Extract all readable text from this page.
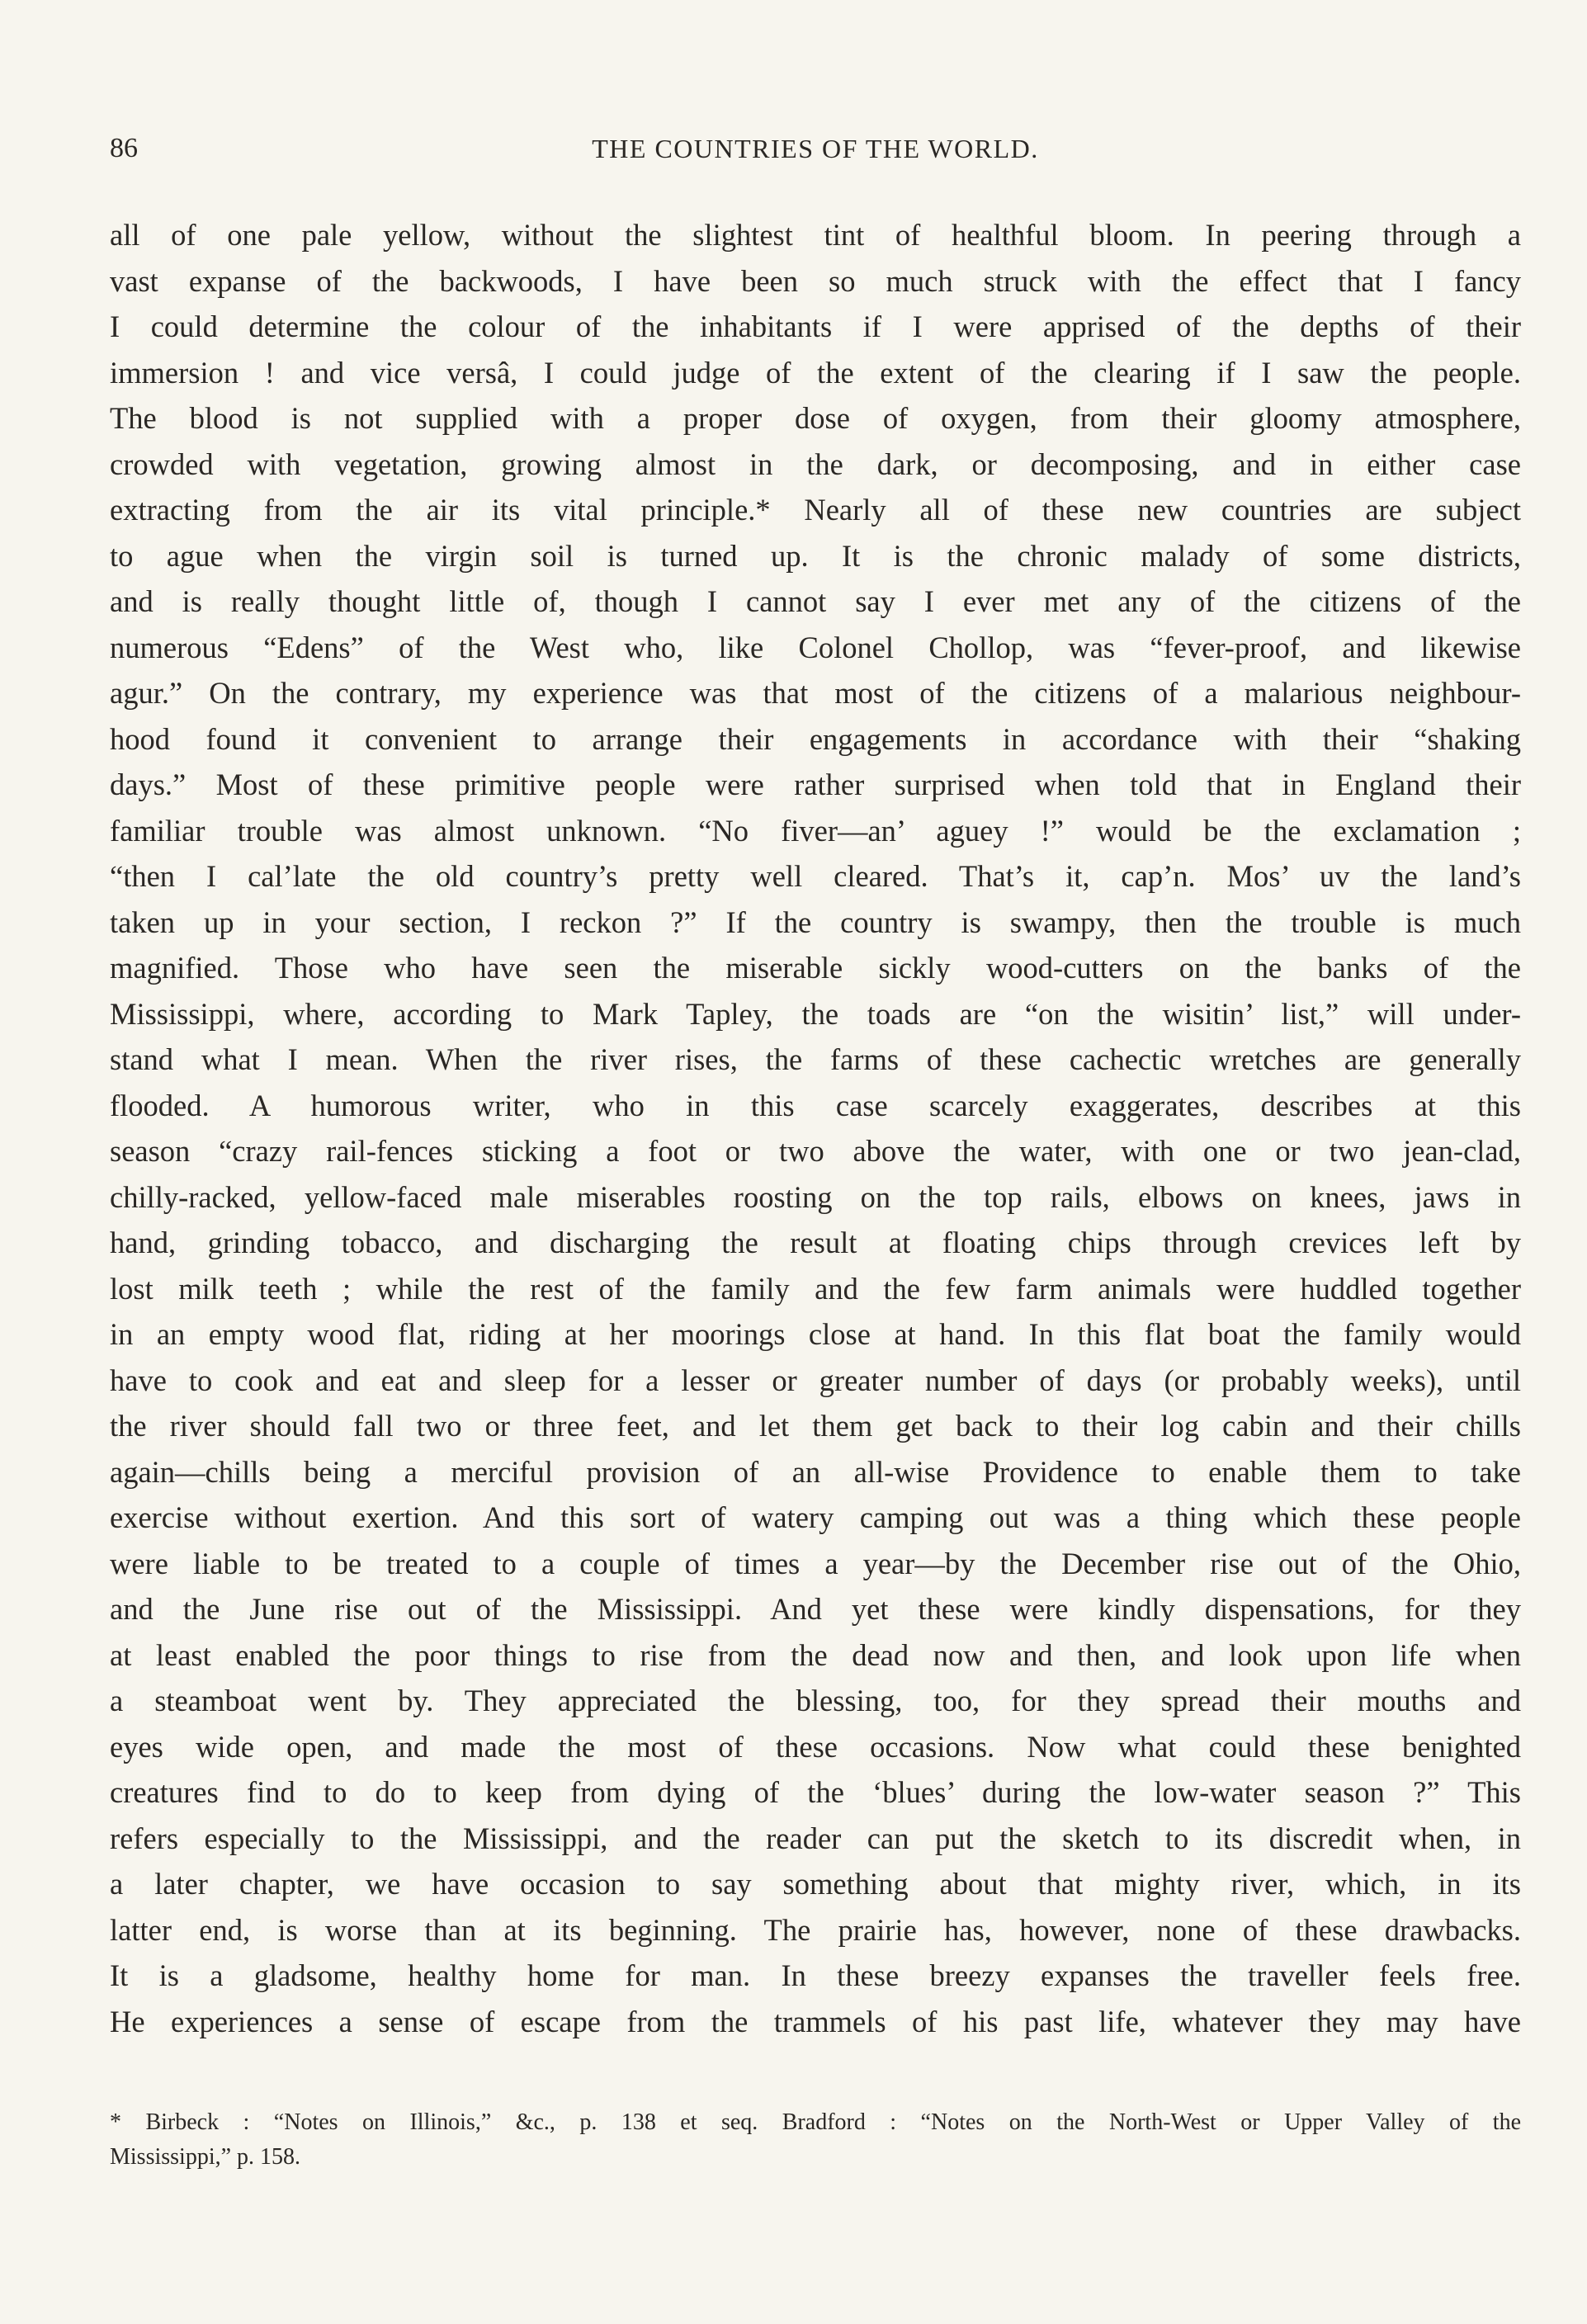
86	THE COUNTRIES OF THE WORLD.
all of one pale yellow, without the slightest tint of healthful bloom. In peering through a
vast expanse of the backwoods, I have been so much struck with the effect that I fancy
I could determine the colour of the inhabitants if I were apprised of the depths of their
immersion ! and vice versâ, I could judge of the extent of the clearing if I saw the people.
The blood is not supplied with a proper dose of oxygen, from their gloomy atmosphere,
crowded with vegetation, growing almost in the dark, or decomposing, and in either case
extracting from the air its vital principle.* Nearly all of these new countries are subject
to ague when the virgin soil is turned up. It is the chronic malady of some districts,
and is really thought little of, though I cannot say I ever met any of the citizens of the
numerous “Edens” of the West who, like Colonel Chollop, was “fever-proof, and likewise
agur.” On the contrary, my experience was that most of the citizens of a malarious neighbour-
hood found it convenient to arrange their engagements in accordance with their “shaking
days.” Most of these primitive people were rather surprised when told that in England their
familiar trouble was almost unknown. “No fiver—an’ aguey !” would be the exclamation ;
“then I cal’late the old country’s pretty well cleared. That’s it, cap’n. Mos’ uv the land’s
taken up in your section, I reckon ?” If the country is swampy, then the trouble is much
magnified. Those who have seen the miserable sickly wood-cutters on the banks of the
Mississippi, where, according to Mark Tapley, the toads are “on the wisitin’ list,” will under-
stand what I mean. When the river rises, the farms of these cachectic wretches are generally
flooded. A humorous writer, who in this case scarcely exaggerates, describes at this
season “crazy rail-fences sticking a foot or two above the water, with one or two jean-clad,
chilly-racked, yellow-faced male miserables roosting on the top rails, elbows on knees, jaws in
hand, grinding tobacco, and discharging the result at floating chips through crevices left by
lost milk teeth ; while the rest of the family and the few farm animals were huddled together
in an empty wood flat, riding at her moorings close at hand. In this flat boat the family would
have to cook and eat and sleep for a lesser or greater number of days (or probably weeks), until
the river should fall two or three feet, and let them get back to their log cabin and their chills
again—chills being a merciful provision of an all-wise Providence to enable them to take
exercise without exertion. And this sort of watery camping out was a thing which these people
were liable to be treated to a couple of times a year—by the December rise out of the Ohio,
and the June rise out of the Mississippi. And yet these were kindly dispensations, for they
at least enabled the poor things to rise from the dead now and then, and look upon life when
a steamboat went by. They appreciated the blessing, too, for they spread their mouths and
eyes wide open, and made the most of these occasions. Now what could these benighted
creatures find to do to keep from dying of the ‘blues’ during the low-water season ?” This
refers especially to the Mississippi, and the reader can put the sketch to its discredit when, in
a later chapter, we have occasion to say something about that mighty river, which, in its
latter end, is worse than at its beginning. The prairie has, however, none of these drawbacks.
It is a gladsome, healthy home for man. In these breezy expanses the traveller feels free.
He experiences a sense of escape from the trammels of his past life, whatever they may have
* Birbeck : “Notes on Illinois,” &c., p. 138 et seq. Bradford : “Notes on the North-West or Upper Valley of the
Mississippi,” p. 158.
